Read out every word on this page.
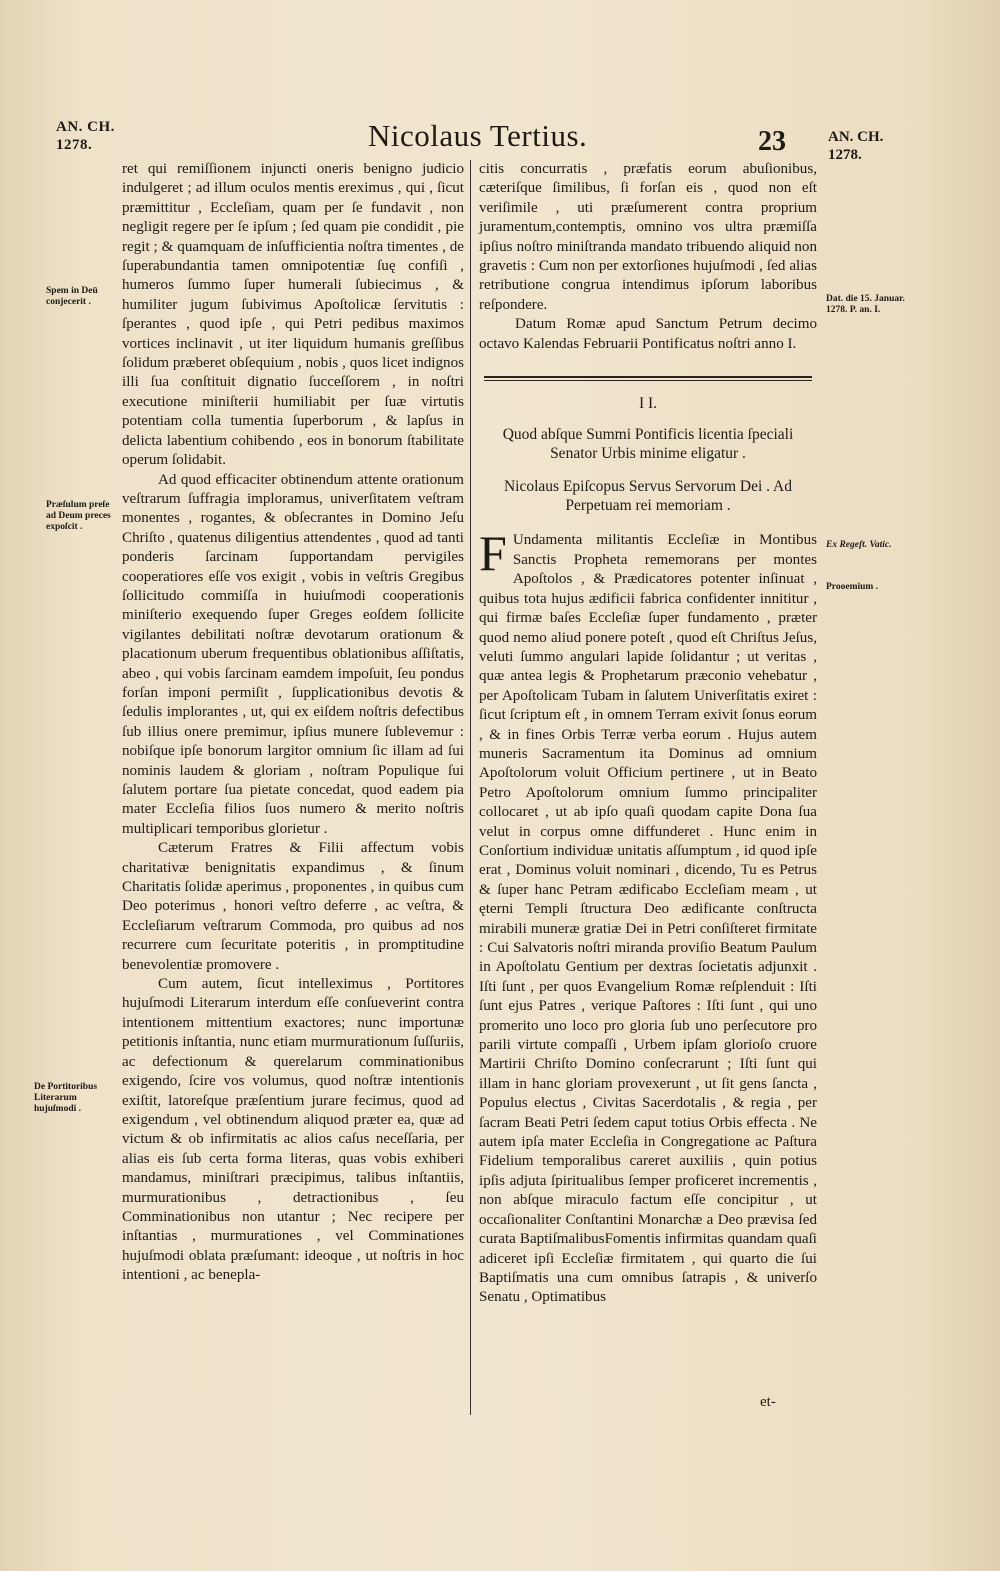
AN. CH.
1278.	Nicolaus Tertius.	23	AN. CH.
1278.
Spem in Deū conjecerit .
Præſulum preſe ad Deum preces expoſcit .
De Portitoribus Literarum hujuſmodi .
Dat. die 15. Januar. 1278. P. an. I.
Ex Regeſt. Vatic.
Prooemium .

ret qui remiſſionem injuncti oneris benigno judicio indulgeret ; ad illum oculos mentis ereximus , qui , ſicut præmittitur , Eccleſiam, quam per ſe fundavit , non negligit regere per ſe ipſum ; ſed quam pie condidit , pie regit ; & quamquam de inſufficientia noſtra timentes , de ſuperabundantia tamen omnipotentiæ ſuę confiſi , humeros ſummo ſuper humerali ſubiecimus , & humiliter jugum ſubivimus Apoſtolicæ ſervitutis : ſperantes , quod ipſe , qui Petri pedibus maximos vortices inclinavit , ut iter liquidum humanis greſſibus ſolidum præberet obſequium , nobis , quos licet indignos illi ſua conſtituit dignatio ſucceſſorem , in noſtri executione miniſterii humiliabit per ſuæ virtutis potentiam colla tumentia ſuperborum , & lapſus in delicta labentium cohibendo , eos in bonorum ſtabilitate operum ſolidabit.

Ad quod efficaciter obtinendum attente orationum veſtrarum ſuffragia imploramus, univerſitatem veſtram monentes , rogantes, & obſecrantes in Domino Jeſu Chriſto , quatenus diligentius attendentes , quod ad tanti ponderis ſarcinam ſupportandam pervigiles cooperatiores eſſe vos exigit , vobis in veſtris Gregibus ſollicitudo commiſſa in huiuſmodi cooperationis miniſterio exequendo ſuper Greges eoſdem ſollicite vigilantes debilitati noſtræ devotarum orationum & placationum uberum frequentibus oblationibus aſſiſtatis, abeo , qui vobis ſarcinam eamdem impoſuit, ſeu pondus forſan imponi permiſit , ſupplicationibus devotis & ſedulis implorantes , ut, qui ex eiſdem noſtris defectibus ſub illius onere premimur, ipſius munere ſublevemur : nobiſque ipſe bonorum largitor omnium ſic illam ad ſui nominis laudem & gloriam , noſtram Populique ſui ſalutem portare ſua pietate concedat, quod eadem pia mater Eccleſia filios ſuos numero & merito noſtris multiplicari temporibus glorietur .

Cæterum Fratres & Filii affectum vobis charitativæ benignitatis expandimus , & ſinum Charitatis ſolidæ aperimus , proponentes , in quibus cum Deo poterimus , honori veſtro deferre , ac veſtra, & Eccleſiarum veſtrarum Commoda, pro quibus ad nos recurrere cum ſecuritate poteritis , in promptitudine benevolentiæ promovere .

Cum autem, ſicut intelleximus , Portitores hujuſmodi Literarum interdum eſſe conſueverint contra intentionem mittentium exactores; nunc importunæ petitionis inſtantia, nunc etiam murmurationum ſuſſuriis, ac defectionum & querelarum comminationibus exigendo, ſcire vos volumus, quod noſtræ intentionis exiſtit, latoreſque præſentium jurare fecimus, quod ad exigendum , vel obtinendum aliquod præter ea, quæ ad victum & ob infirmitatis ac alios caſus neceſſaria, per alias eis ſub certa forma literas, quas vobis exhiberi mandamus, miniſtrari præcipimus, talibus inſtantiis, murmurationibus , detractionibus , ſeu Comminationibus non utantur ; Nec recipere per inſtantias , murmurationes , vel Comminationes hujuſmodi oblata præſumant: ideoque , ut noſtris in hoc intentioni , ac benepla-

citis concurratis , præfatis eorum abuſionibus, cæteriſque ſimilibus, ſi forſan eis , quod non eſt veriſimile , uti præſumerent contra proprium juramentum,contemptis, omnino vos ultra præmiſſa ipſius noſtro miniſtranda mandato tribuendo aliquid non gravetis : Cum non per extorſiones hujuſmodi , ſed alias retributione congrua intendimus ipſorum laboribus reſpondere.

Datum Romæ apud Sanctum Petrum decimo octavo Kalendas Februarii Pontificatus noſtri anno I.

I I.
Quod abſque Summi Pontificis licentia ſpeciali Senator Urbis minime eligatur .
Nicolaus Epiſcopus Servus Servorum Dei . Ad Perpetuam rei memoriam .
F Undamenta militantis Eccleſiæ in Montibus Sanctis Propheta rememorans per montes Apoſtolos , & Prædicatores potenter inſinuat , quibus tota hujus ædificii fabrica confidenter innititur , qui firmæ baſes Eccleſiæ ſuper fundamento , præter quod nemo aliud ponere poteſt , quod eſt Chriſtus Jeſus, veluti ſummo angulari lapide ſolidantur ; ut veritas , quæ antea legis & Prophetarum præconio vehebatur , per Apoſtolicam Tubam in ſalutem Univerſitatis exiret : ſicut ſcriptum eſt , in omnem Terram exivit ſonus eorum , & in fines Orbis Terræ verba eorum . Hujus autem muneris Sacramentum ita Dominus ad omnium Apoſtolorum voluit Officium pertinere , ut in Beato Petro Apoſtolorum omnium ſummo principaliter collocaret , ut ab ipſo quaſi quodam capite Dona ſua velut in corpus omne diffunderet . Hunc enim in Conſortium individuæ unitatis aſſumptum , id quod ipſe erat , Dominus voluit nominari , dicendo, Tu es Petrus & ſuper hanc Petram ædificabo Eccleſiam meam , ut ęterni Templi ſtructura Deo ædificante conſtructa mirabili muneræ gratiæ Dei in Petri conſiſteret firmitate : Cui Salvatoris noſtri miranda proviſio Beatum Paulum in Apoſtolatu Gentium per dextras ſocietatis adjunxit . Iſti ſunt , per quos Evangelium Romæ reſplenduit : Iſti ſunt ejus Patres , verique Paſtores : Iſti ſunt , qui uno promerito uno loco pro gloria ſub uno perſecutore pro parili virtute compaſſi , Urbem ipſam glorioſo cruore Martirii Chriſto Domino conſecrarunt ; Iſti ſunt qui illam in hanc gloriam provexerunt , ut ſit gens ſancta , Populus electus , Civitas Sacerdotalis , & regia , per ſacram Beati Petri ſedem caput totius Orbis effecta . Ne autem ipſa mater Eccleſia in Congregatione ac Paſtura Fidelium temporalibus careret auxiliis , quin potius ipſis adjuta ſpiritualibus ſemper proficeret incrementis , non abſque miraculo factum eſſe concipitur , ut occaſionaliter Conſtantini Monarchæ a Deo prævisa ſed curata BaptiſmalibusFomentis infirmitas quandam quaſi adiceret ipſi Eccleſiæ firmitatem , qui quarto die ſui Baptiſmatis una cum omnibus ſatrapis , & univerſo Senatu , Optimatibus
et-
